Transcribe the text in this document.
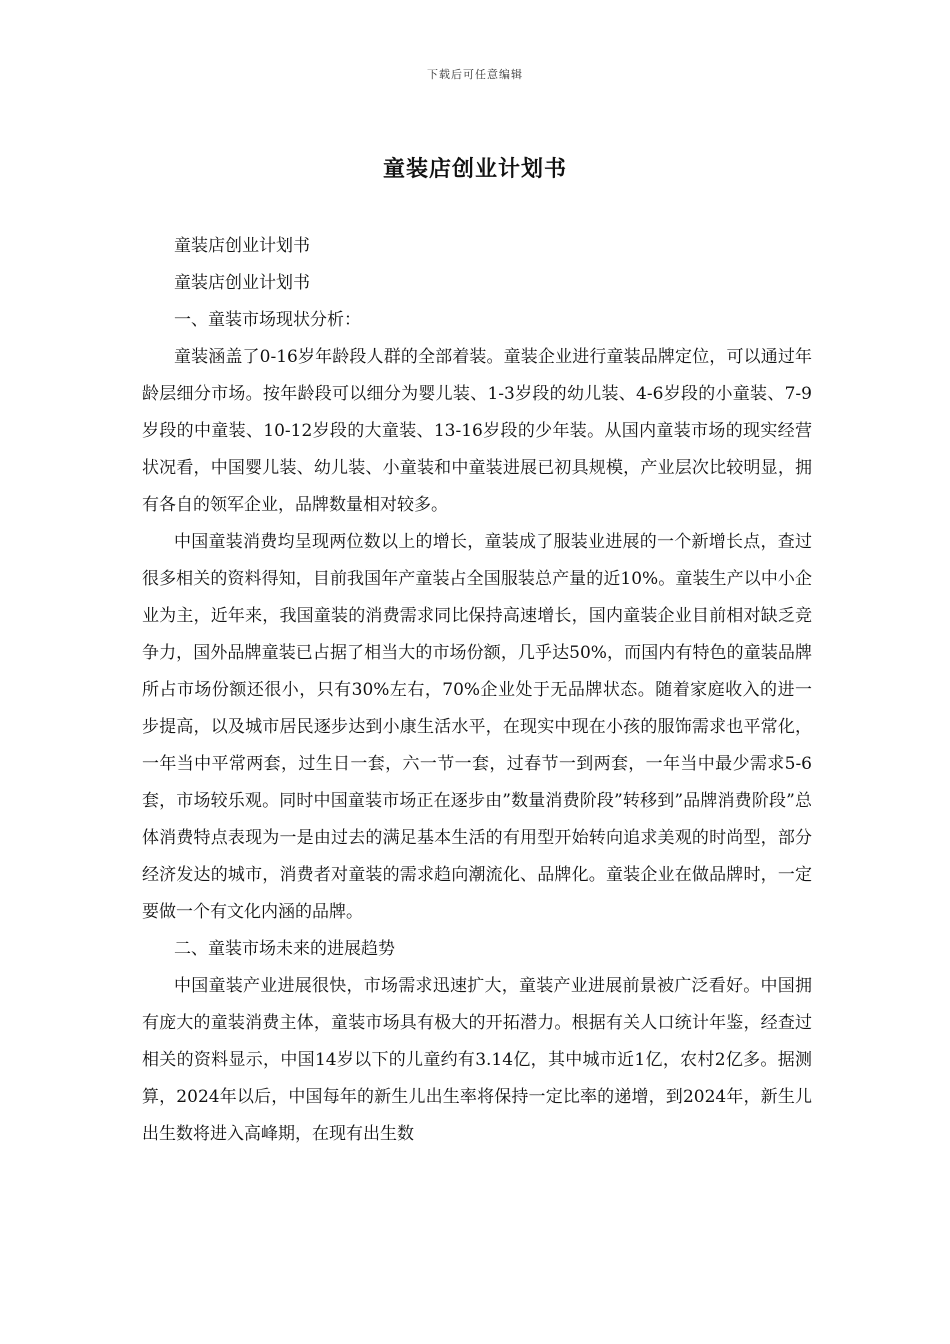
下载后可任意编辑
童装店创业计划书

童装店创业计划书

童装店创业计划书

一、童装市场现状分析：

童装涵盖了0-16岁年龄段人群的全部着装。童装企业进行童装品牌定位，可以通过年龄层细分市场。按年龄段可以细分为婴儿装、1-3岁段的幼儿装、4-6岁段的小童装、7-9岁段的中童装、10-12岁段的大童装、13-16岁段的少年装。从国内童装市场的现实经营状况看，中国婴儿装、幼儿装、小童装和中童装进展已初具规模，产业层次比较明显，拥有各自的领军企业，品牌数量相对较多。

中国童装消费均呈现两位数以上的增长，童装成了服装业进展的一个新增长点，查过很多相关的资料得知，目前我国年产童装占全国服装总产量的近10%。童装生产以中小企业为主，近年来，我国童装的消费需求同比保持高速增长，国内童装企业目前相对缺乏竞争力，国外品牌童装已占据了相当大的市场份额，几乎达50%，而国内有特色的童装品牌所占市场份额还很小，只有30%左右，70%企业处于无品牌状态。随着家庭收入的进一步提高，以及城市居民逐步达到小康生活水平，在现实中现在小孩的服饰需求也平常化，一年当中平常两套，过生日一套，六一节一套，过春节一到两套，一年当中最少需求5-6套，市场较乐观。同时中国童装市场正在逐步由”数量消费阶段”转移到”品牌消费阶段”总体消费特点表现为一是由过去的满足基本生活的有用型开始转向追求美观的时尚型，部分经济发达的城市，消费者对童装的需求趋向潮流化、品牌化。童装企业在做品牌时，一定要做一个有文化内涵的品牌。

二、童装市场未来的进展趋势

中国童装产业进展很快，市场需求迅速扩大，童装产业进展前景被广泛看好。中国拥有庞大的童装消费主体，童装市场具有极大的开拓潜力。根据有关人口统计年鉴，经查过相关的资料显示，中国14岁以下的儿童约有3.14亿，其中城市近1亿，农村2亿多。据测算，2024年以后，中国每年的新生儿出生率将保持一定比率的递增，到2024年，新生儿出生数将进入高峰期，在现有出生数
